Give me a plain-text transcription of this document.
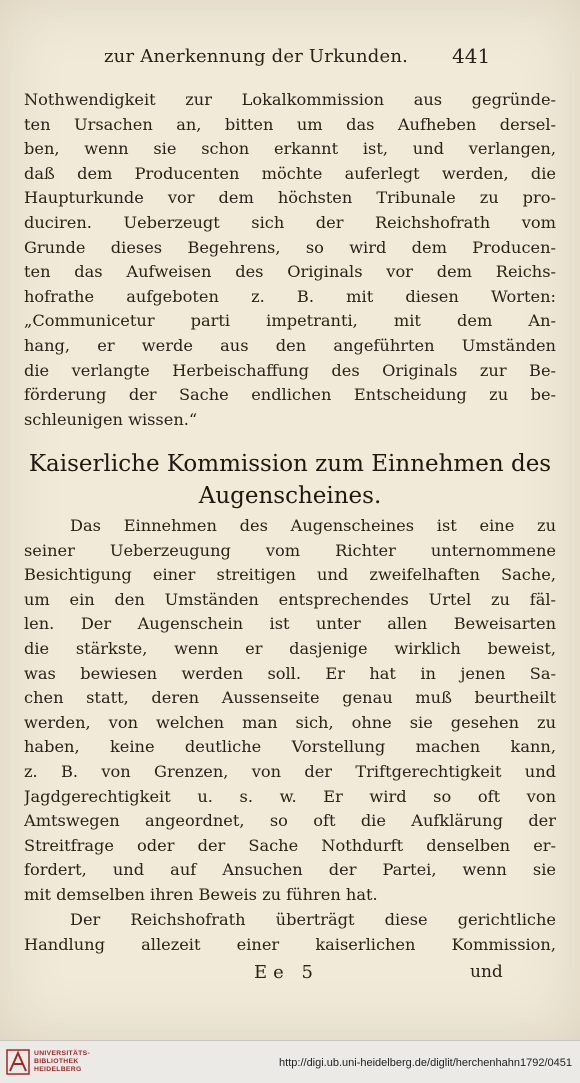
zur Anerkennung der Urkunden. 441
Nothwendigkeit zur Lokalkommission aus gegründe-
ten Ursachen an, bitten um das Aufheben dersel-
ben, wenn sie schon erkannt ist, und verlangen,
daß dem Producenten möchte auferlegt werden, die
Haupturkunde vor dem höchsten Tribunale zu pro-
duciren. Ueberzeugt sich der Reichshofrath vom
Grunde dieses Begehrens, so wird dem Producen-
ten das Aufweisen des Originals vor dem Reichs-
hofrathe aufgeboten z. B. mit diesen Worten:
„Communicetur parti impetranti, mit dem An-
hang, er werde aus den angeführten Umständen
die verlangte Herbeischaffung des Originals zur Be-
förderung der Sache endlichen Entscheidung zu be-
schleunigen wissen.“
Kaiserliche Kommission zum Einnehmen des
Augenscheines.
Das Einnehmen des Augenscheines ist eine zu
seiner Ueberzeugung vom Richter unternommene
Besichtigung einer streitigen und zweifelhaften Sache,
um ein den Umständen entsprechendes Urtel zu fäl-
len. Der Augenschein ist unter allen Beweisarten
die stärkste, wenn er dasjenige wirklich beweist,
was bewiesen werden soll. Er hat in jenen Sa-
chen statt, deren Aussenseite genau muß beurtheilt
werden, von welchen man sich, ohne sie gesehen zu
haben, keine deutliche Vorstellung machen kann,
z. B. von Grenzen, von der Triftgerechtigkeit und
Jagdgerechtigkeit u. s. w. Er wird so oft von
Amtswegen angeordnet, so oft die Aufklärung der
Streitfrage oder der Sache Nothdurft denselben er-
fordert, und auf Ansuchen der Partei, wenn sie
mit demselben ihren Beweis zu führen hat.
Der Reichshofrath überträgt diese gerichtliche
Handlung allezeit einer kaiserlichen Kommission,
Ee 5	und
UNIVERSITÄTS-
BIBLIOTHEK
HEIDELBERG
http://digi.ub.uni-heidelberg.de/diglit/herchenhahn1792/0451
